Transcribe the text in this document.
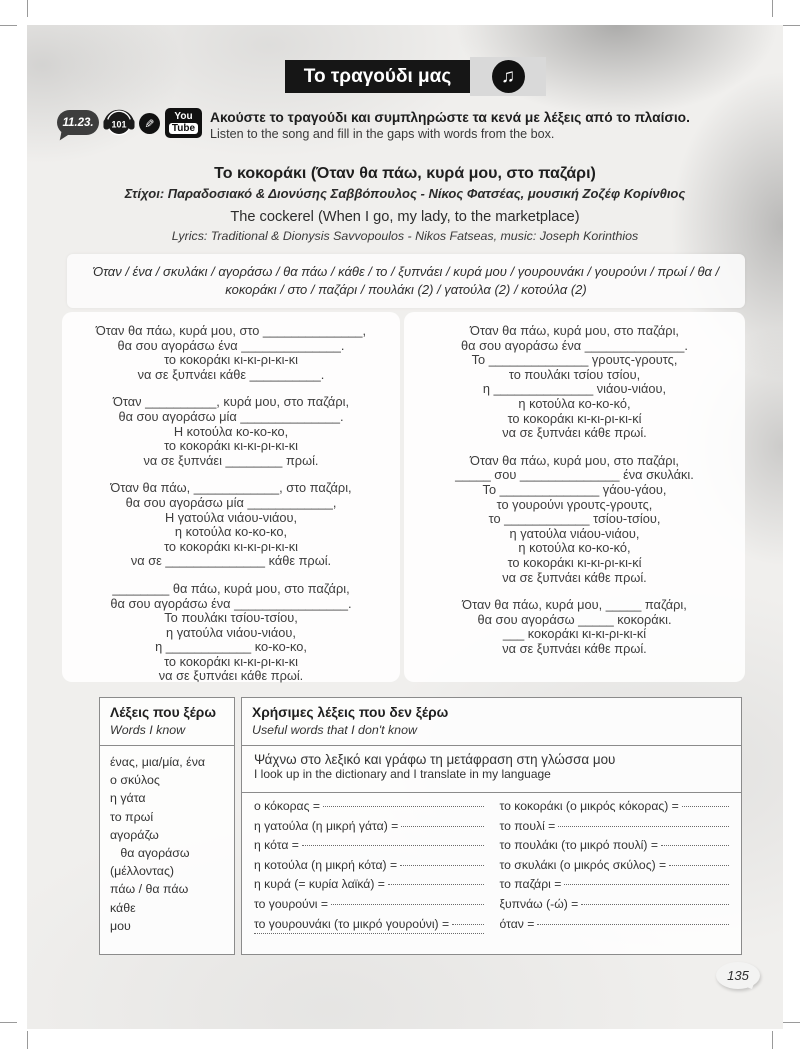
Το τραγούδι μας	♫
11.23. 101	✎	You
Tube
Ακούστε το τραγούδι και συμπληρώστε τα κενά με λέξεις από το πλαίσιο.
Listen to the song and fill in the gaps with words from the box.
Το κοκοράκι (Όταν θα πάω, κυρά μου, στο παζάρι)
Στίχοι: Παραδοσιακό & Διονύσης Σαββόπουλος - Νίκος Φατσέας, μουσική Ζοζέφ Κορίνθιος
The cockerel (When I go, my lady, to the marketplace)
Lyrics: Traditional & Dionysis Savvopoulos - Nikos Fatseas, music: Joseph Korinthios
Όταν / ένα / σκυλάκι / αγοράσω / θα πάω / κάθε / το / ξυπνάει / κυρά μου / γουρουνάκι / γουρούνι / πρωί / θα /
κοκοράκι / στο / παζάρι / πουλάκι (2) / γατούλα (2) / κοτούλα (2)
Όταν θα πάω, κυρά μου, στο ______________,
θα σου αγοράσω ένα ______________.
το κοκοράκι κι-κι-ρι-κι-κι
να σε ξυπνάει κάθε __________.
Όταν __________, κυρά μου, στο παζάρι,
θα σου αγοράσω μία ______________.
Η κοτούλα κο-κο-κο,
το κοκοράκι κι-κι-ρι-κι-κι
να σε ξυπνάει ________ πρωί.
Όταν θα πάω, ____________, στο παζάρι,
θα σου αγοράσω μία ____________,
Η γατούλα νιάου-νιάου,
η κοτούλα κο-κο-κο,
το κοκοράκι κι-κι-ρι-κι-κι
να σε ______________ κάθε πρωί.
________ θα πάω, κυρά μου, στο παζάρι,
θα σου αγοράσω ένα ________________.
Το πουλάκι τσίου-τσίου,
η γατούλα νιάου-νιάου,
η ____________ κο-κο-κο,
το κοκοράκι κι-κι-ρι-κι-κι
να σε ξυπνάει κάθε πρωί.
Όταν θα πάω, κυρά μου, στο παζάρι,
θα σου αγοράσω ένα ______________.
Το ______________ γρουτς-γρουτς,
το πουλάκι τσίου τσίου,
η ______________ νιάου-νιάου,
η κοτούλα κο-κο-κό,
το κοκοράκι κι-κι-ρι-κι-κί
να σε ξυπνάει κάθε πρωί.
Όταν θα πάω, κυρά μου, στο παζάρι,
_____ σου ______________ ένα σκυλάκι.
Το ______________ γάου-γάου,
το γουρούνι γρουτς-γρουτς,
το ____________ τσίου-τσίου,
η γατούλα νιάου-νιάου,
η κοτούλα κο-κο-κό,
το κοκοράκι κι-κι-ρι-κι-κί
να σε ξυπνάει κάθε πρωί.
Όταν θα πάω, κυρά μου, _____ παζάρι,
θα σου αγοράσω _____ κοκοράκι.
___ κοκοράκι κι-κι-ρι-κι-κί
να σε ξυπνάει κάθε πρωί.
Λέξεις που ξέρω
Words I know
ένας, μια/μία, ένα
ο σκύλος
η γάτα
το πρωί
αγοράζω
θα αγοράσω (μέλλοντας)
πάω / θα πάω
κάθε
μου
Χρήσιμες λέξεις που δεν ξέρω
Useful words that I don't know
Ψάχνω στο λεξικό και γράφω τη μετάφραση στη γλώσσα μου
I look up in the dictionary and I translate in my language
ο κόκορας =
η γατούλα (η μικρή γάτα) =
η κότα =
η κοτούλα (η μικρή κότα) =
η κυρά (= κυρία λαϊκά) =
το γουρούνι =
το γουρουνάκι (το μικρό γουρούνι) =
το κοκοράκι (ο μικρός κόκορας) =
το πουλί =
το πουλάκι (το μικρό πουλί) =
το σκυλάκι (ο μικρός σκύλος) =
το παζάρι =
ξυπνάω (-ώ) =
όταν =
135
